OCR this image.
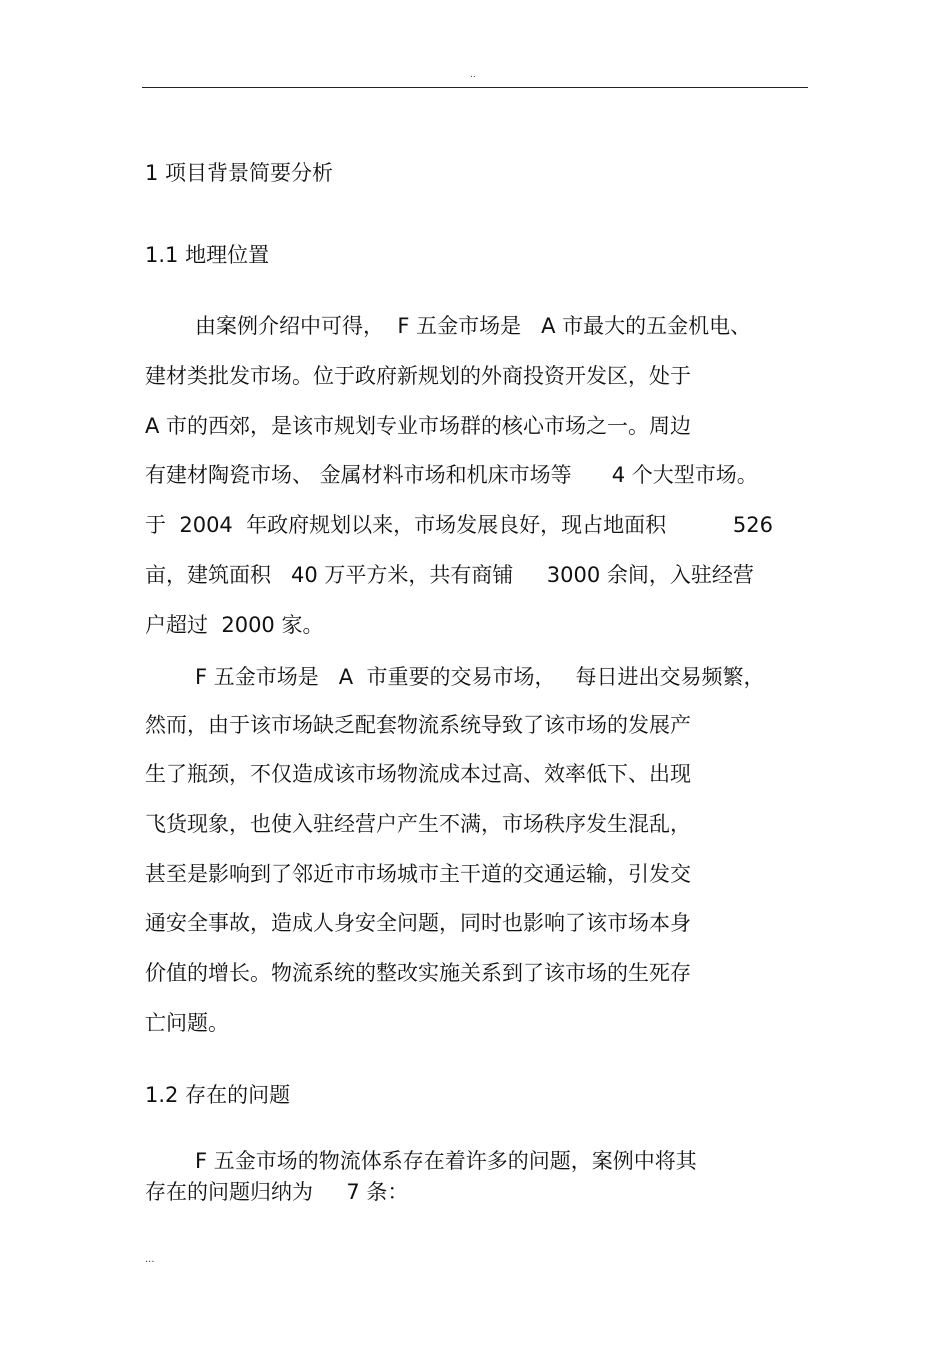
..
1 项目背景简要分析
1.1 地理位置

由案例介绍中可得，  F 五金市场是   A 市最大的五金机电、

建材类批发市场。位于政府新规划的外商投资开发区，处于

A 市的西郊，是该市规划专业市场群的核心市场之一。周边

有建材陶瓷市场、 金属材料市场和机床市场等      4 个大型市场。

于  2004  年政府规划以来，市场发展良好，现占地面积          526

亩，建筑面积   40 万平方米，共有商铺     3000 余间，入驻经营

户超过  2000 家。

F 五金市场是   A  市重要的交易市场，   每日进出交易频繁，

然而，由于该市场缺乏配套物流系统导致了该市场的发展产

生了瓶颈，不仅造成该市场物流成本过高、效率低下、出现

飞货现象，也使入驻经营户产生不满，市场秩序发生混乱，

甚至是影响到了邻近市市场城市主干道的交通运输，引发交

通安全事故，造成人身安全问题，同时也影响了该市场本身

价值的增长。物流系统的整改实施关系到了该市场的生死存

亡问题。

1.2 存在的问题

F 五金市场的物流体系存在着许多的问题，案例中将其

存在的问题归纳为     7 条：

...
